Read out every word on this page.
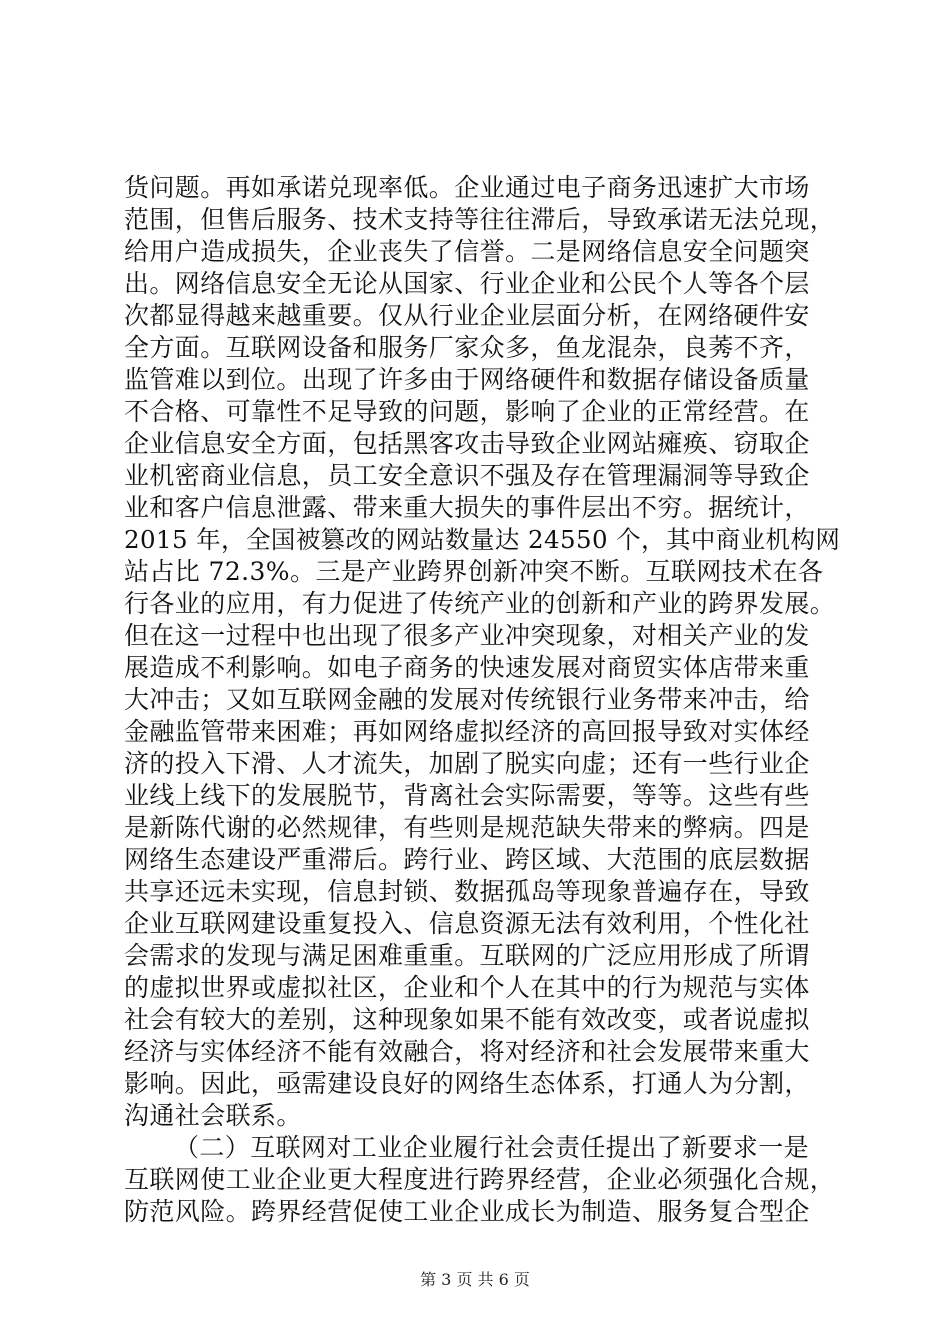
货问题。再如承诺兑现率低。企业通过电子商务迅速扩大市场
范围，但售后服务、技术支持等往往滞后，导致承诺无法兑现，
给用户造成损失，企业丧失了信誉。二是网络信息安全问题突
出。网络信息安全无论从国家、行业企业和公民个人等各个层
次都显得越来越重要。仅从行业企业层面分析，在网络硬件安
全方面。互联网设备和服务厂家众多，鱼龙混杂，良莠不齐，
监管难以到位。出现了许多由于网络硬件和数据存储设备质量
不合格、可靠性不足导致的问题，影响了企业的正常经营。在
企业信息安全方面，包括黑客攻击导致企业网站瘫痪、窃取企
业机密商业信息，员工安全意识不强及存在管理漏洞等导致企
业和客户信息泄露、带来重大损失的事件层出不穷。据统计，
2015 年，全国被篡改的网站数量达 24550 个，其中商业机构网
站占比 72.3%。三是产业跨界创新冲突不断。互联网技术在各
行各业的应用，有力促进了传统产业的创新和产业的跨界发展。
但在这一过程中也出现了很多产业冲突现象，对相关产业的发
展造成不利影响。如电子商务的快速发展对商贸实体店带来重
大冲击；又如互联网金融的发展对传统银行业务带来冲击，给
金融监管带来困难；再如网络虚拟经济的高回报导致对实体经
济的投入下滑、人才流失，加剧了脱实向虚；还有一些行业企
业线上线下的发展脱节，背离社会实际需要，等等。这些有些
是新陈代谢的必然规律，有些则是规范缺失带来的弊病。四是
网络生态建设严重滞后。跨行业、跨区域、大范围的底层数据
共享还远未实现，信息封锁、数据孤岛等现象普遍存在，导致
企业互联网建设重复投入、信息资源无法有效利用，个性化社
会需求的发现与满足困难重重。互联网的广泛应用形成了所谓
的虚拟世界或虚拟社区，企业和个人在其中的行为规范与实体
社会有较大的差别，这种现象如果不能有效改变，或者说虚拟
经济与实体经济不能有效融合，将对经济和社会发展带来重大
影响。因此，亟需建设良好的网络生态体系，打通人为分割，
沟通社会联系。
（二）互联网对工业企业履行社会责任提出了新要求一是
互联网使工业企业更大程度进行跨界经营，企业必须强化合规，
防范风险。跨界经营促使工业企业成长为制造、服务复合型企
第 3 页 共 6 页
